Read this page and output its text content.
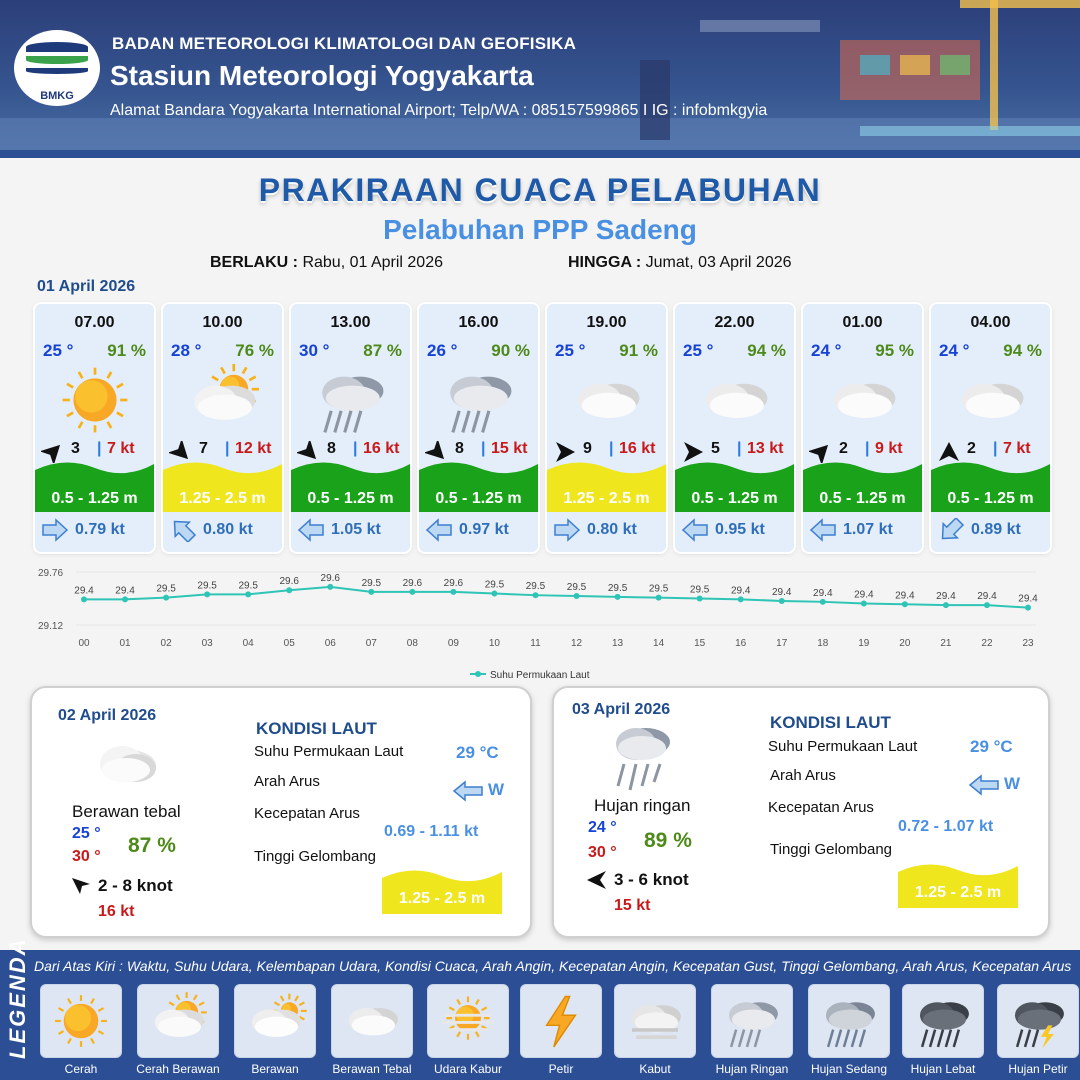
BMKG
BADAN METEOROLOGI KLIMATOLOGI DAN GEOFISIKA
Stasiun Meteorologi Yogyakarta
Alamat Bandara Yogyakarta International Airport; Telp/WA : 085157599865 I IG : infobmkgyia
PRAKIRAAN CUACA PELABUHAN
Pelabuhan PPP Sadeng
BERLAKU : Rabu, 01 April 2026	HINGGA : Jumat, 03 April 2026
01 April 2026
07.00
25 ° 91 %
3 | 7 kt
0.5 - 1.25 m
0.79 kt
10.00
28 ° 76 %
7 | 12 kt
1.25 - 2.5 m
0.80 kt
13.00
30 ° 87 %
8 | 16 kt
0.5 - 1.25 m
1.05 kt
16.00
26 ° 90 %
8 | 15 kt
0.5 - 1.25 m
0.97 kt
19.00
25 ° 91 %
9 | 16 kt
1.25 - 2.5 m
0.80 kt
22.00
25 ° 94 %
5 | 13 kt
0.5 - 1.25 m
0.95 kt
01.00
24 ° 95 %
2 | 9 kt
0.5 - 1.25 m
1.07 kt
04.00
24 ° 94 %
2 | 7 kt
0.5 - 1.25 m
0.89 kt
29.76
29.12
29.4
00
29.4
01
29.5
02
29.5
03
29.5
04
29.6
05
29.6
06
29.5
07
29.6
08
29.6
09
29.5
10
29.5
11
29.5
12
29.5
13
29.5
14
29.5
15
29.4
16
29.4
17
29.4
18
29.4
19
29.4
20
29.4
21
29.4
22
29.4
23
Suhu Permukaan Laut
02 April 2026
Berawan tebal
25 °
30 ° 87 %
2 - 8 knot
16 kt
KONDISI LAUT
Suhu Permukaan Laut	29 °C
Arah Arus	W
Kecepatan Arus
0.69 - 1.11 kt
Tinggi Gelombang
1.25 - 2.5 m
03 April 2026
Hujan ringan
24 °
30 °
89 %
3 - 6 knot
15 kt
KONDISI LAUT
Suhu Permukaan Laut	29 °C
Arah Arus	W
Kecepatan Arus
0.72 - 1.07 kt
Tinggi Gelombang
1.25 - 2.5 m
LEGENDA Dari Atas Kiri : Waktu, Suhu Udara, Kelembapan Udara, Kondisi Cuaca, Arah Angin, Kecepatan Angin, Kecepatan Gust, Tinggi Gelombang, Arah Arus, Kecepatan Arus
Cerah	Cerah Berawan	Berawan	Berawan Tebal	Udara Kabur	Petir	Kabut	Hujan Ringan	Hujan Sedang	Hujan Lebat	Hujan Petir
